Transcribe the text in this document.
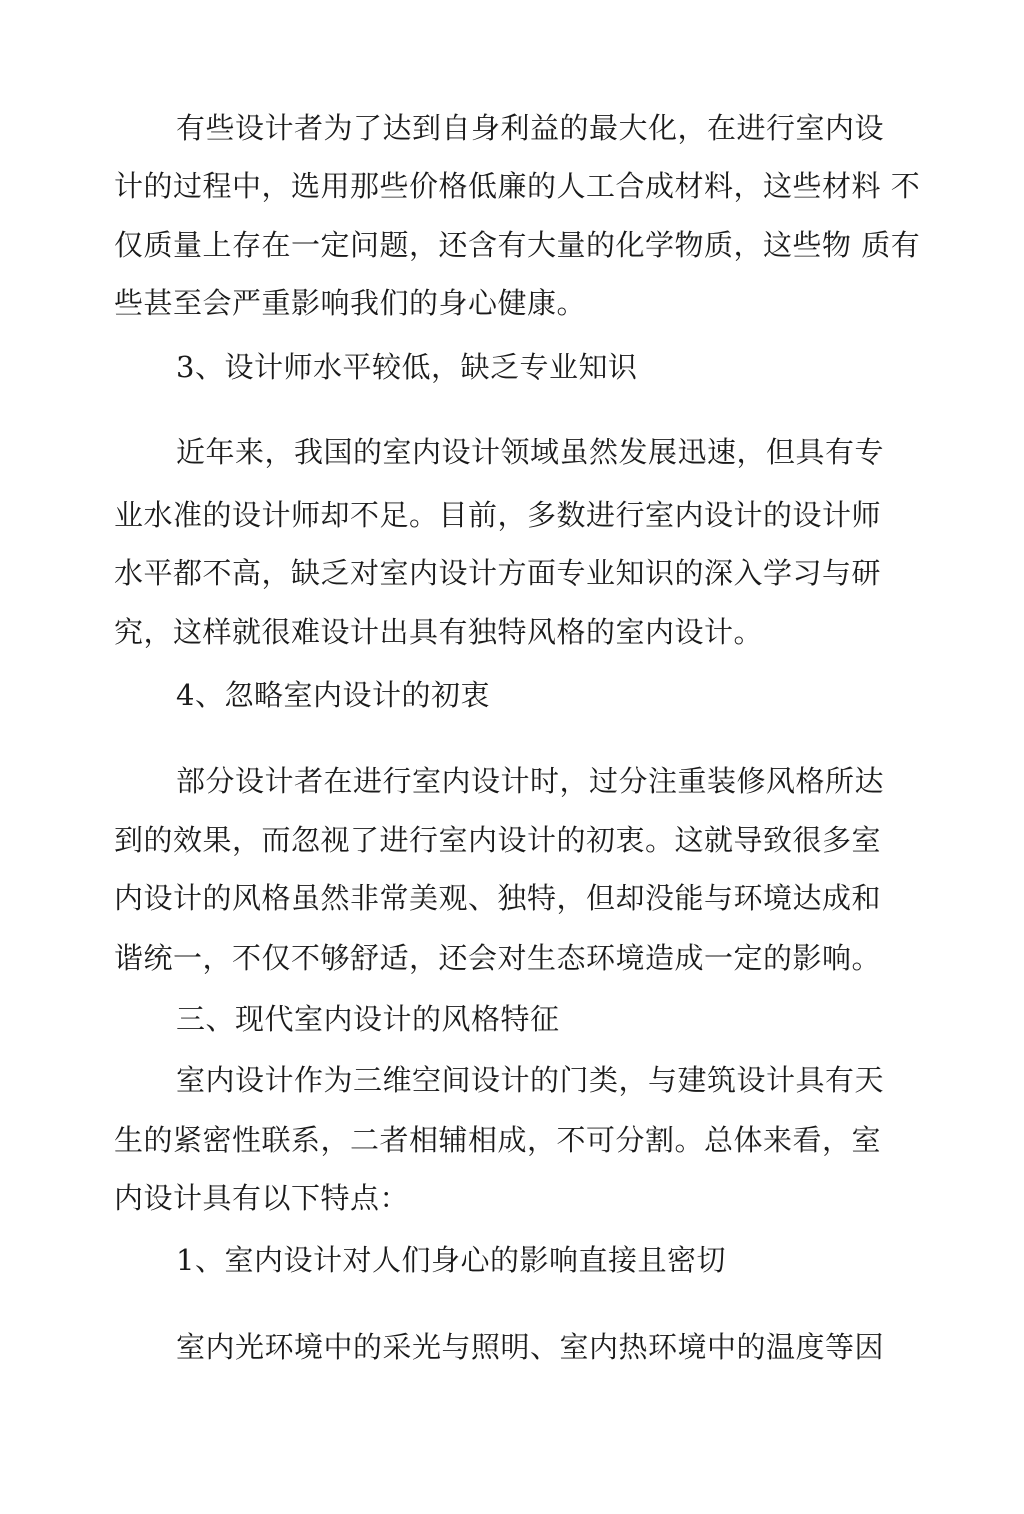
有些设计者为了达到自身利益的最大化，在进行室内设
计的过程中，选用那些价格低廉的人工合成材料，这些材料 不
仅质量上存在一定问题，还含有大量的化学物质，这些物 质有
些甚至会严重影响我们的身心健康。
3、设计师水平较低，缺乏专业知识
近年来，我国的室内设计领域虽然发展迅速，但具有专
业水准的设计师却不足。目前，多数进行室内设计的设计师
水平都不高，缺乏对室内设计方面专业知识的深入学习与研
究，这样就很难设计出具有独特风格的室内设计。
4、忽略室内设计的初衷
部分设计者在进行室内设计时，过分注重装修风格所达
到的效果，而忽视了进行室内设计的初衷。这就导致很多室
内设计的风格虽然非常美观、独特，但却没能与环境达成和
谐统一，不仅不够舒适，还会对生态环境造成一定的影响。
三、现代室内设计的风格特征
室内设计作为三维空间设计的门类，与建筑设计具有天
生的紧密性联系，二者相辅相成，不可分割。总体来看，室
内设计具有以下特点：
1、室内设计对人们身心的影响直接且密切
室内光环境中的采光与照明、室内热环境中的温度等因
